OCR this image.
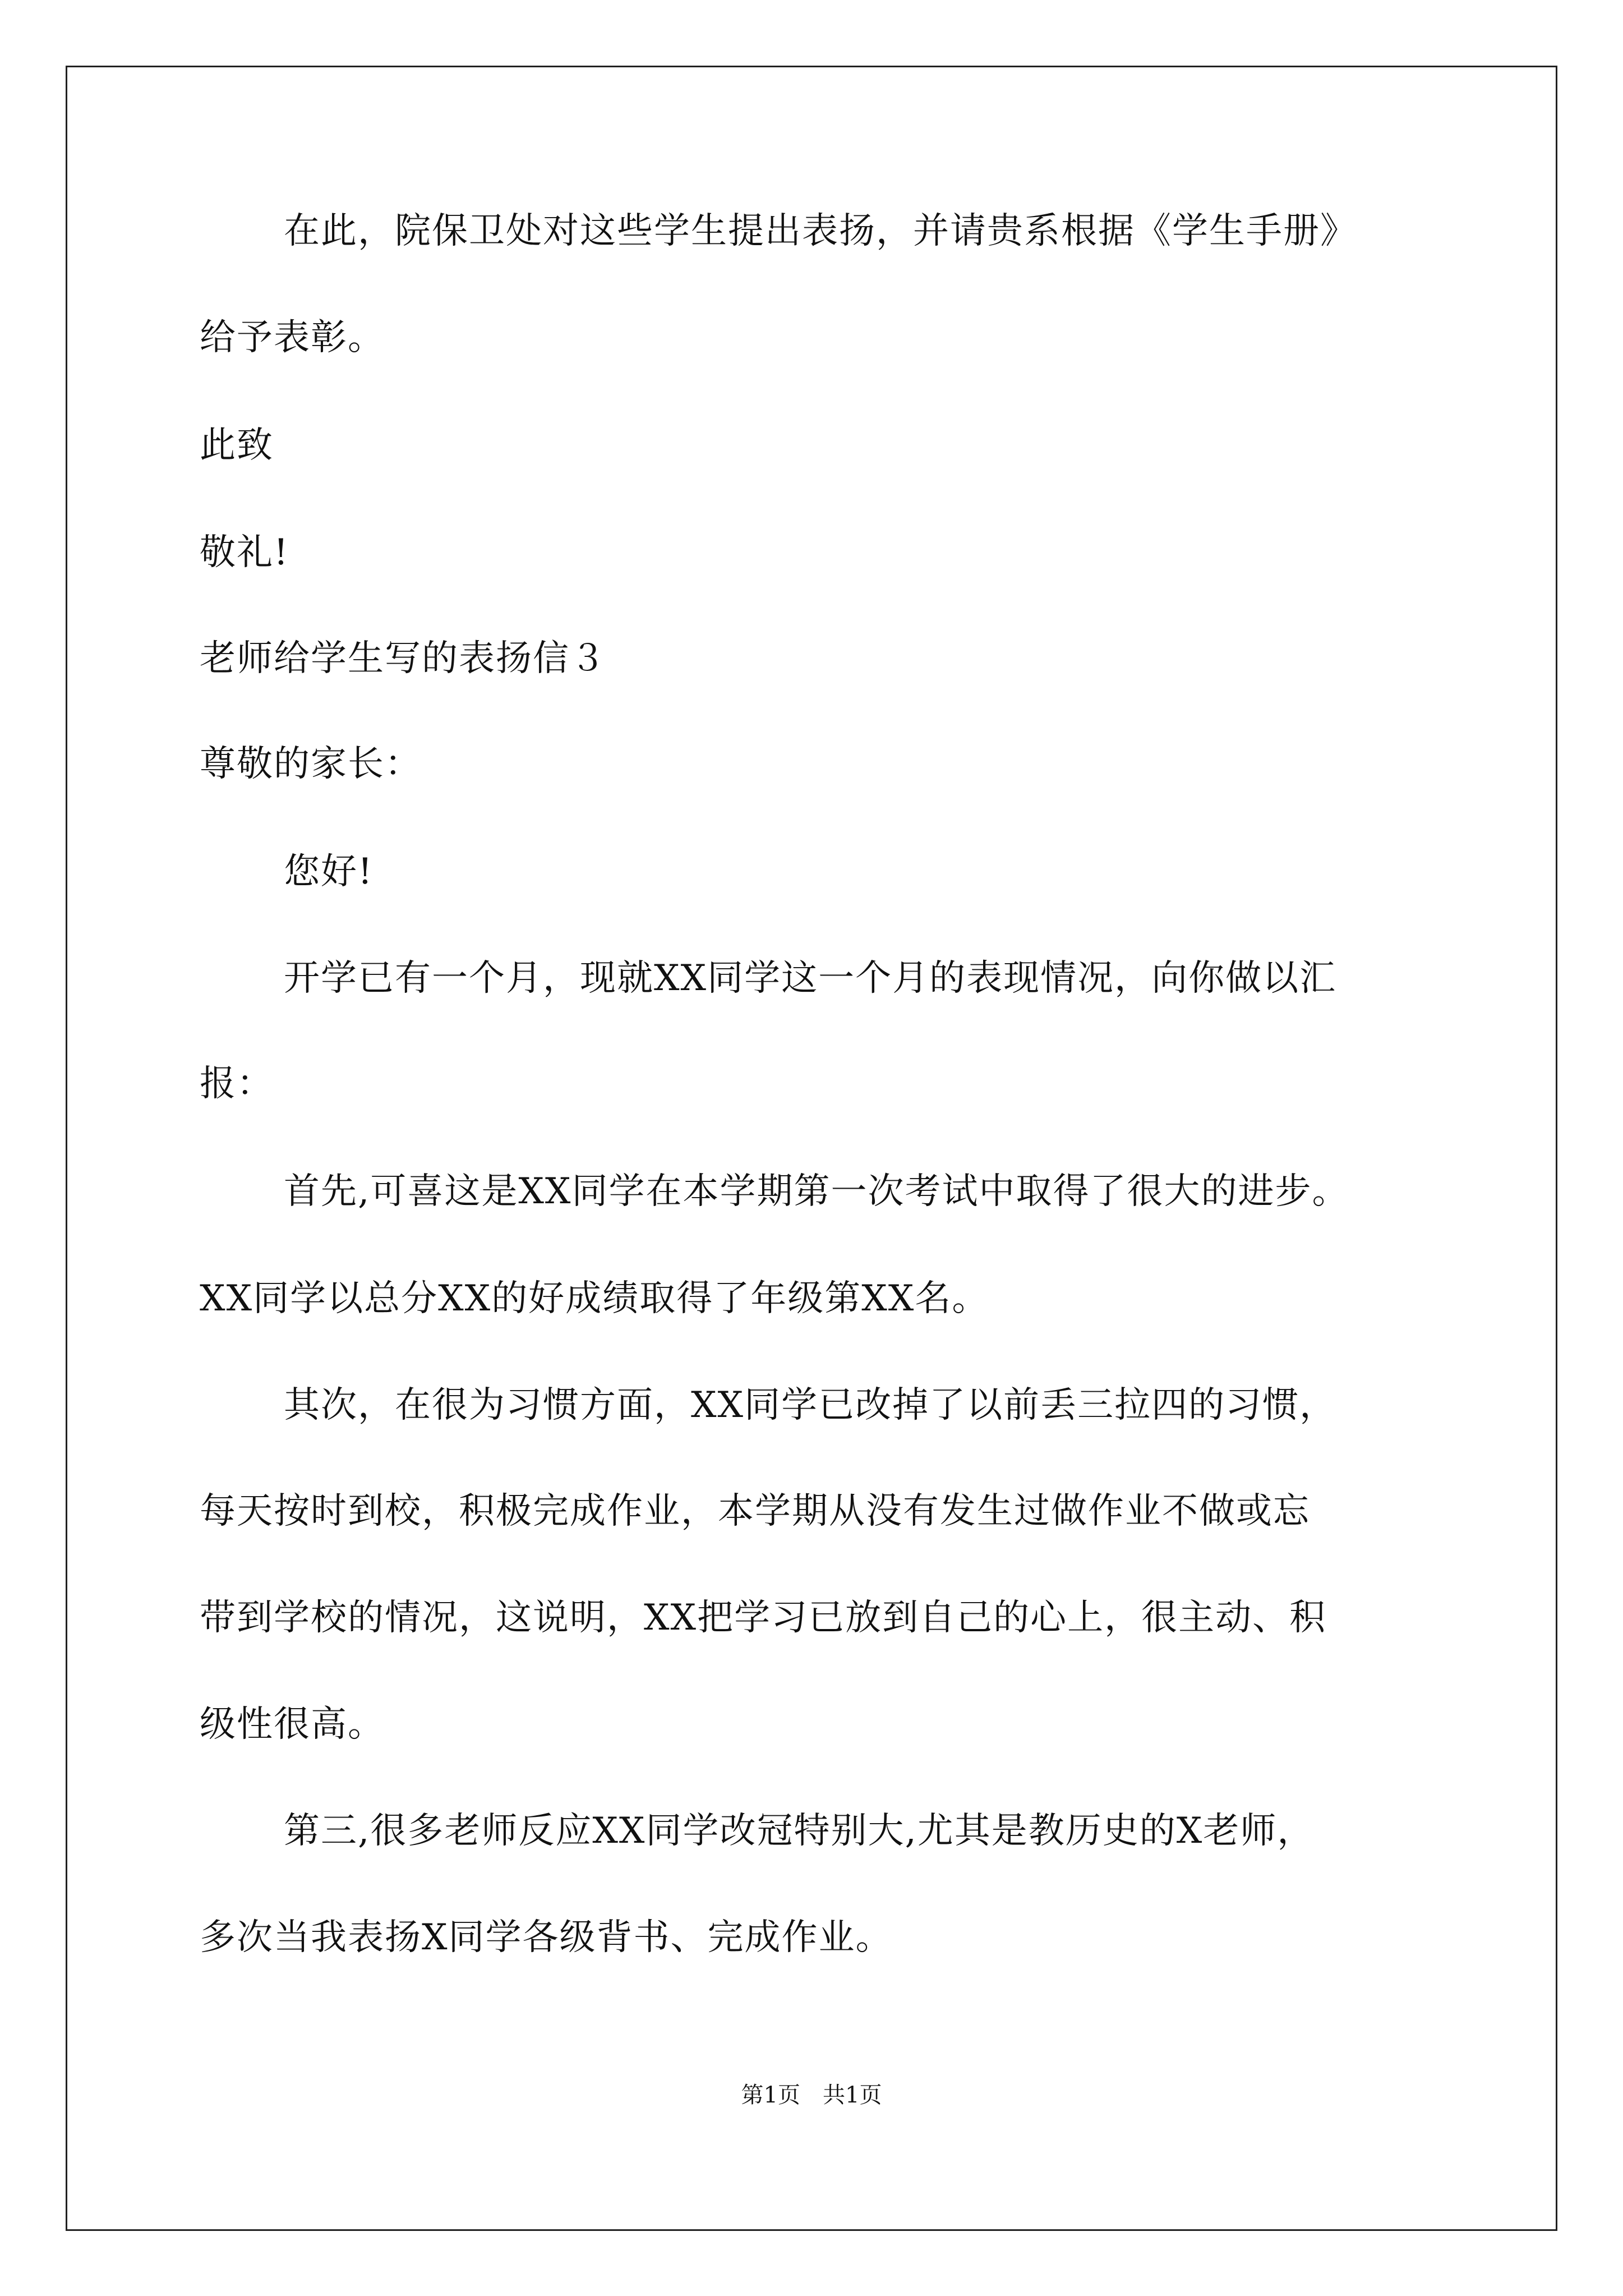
在此，院保卫处对这些学生提出表扬，并请贵系根据《学生手册》
给予表彰。
此致
敬礼!
老师给学生写的表扬信３
尊敬的家长：
您好!
开学已有一个月，现就XX同学这一个月的表现情况，向你做以汇
报：
首先,可喜这是XX同学在本学期第一次考试中取得了很大的进步。
XX同学以总分XX的好成绩取得了年级第XX名。
其次，在很为习惯方面，XX同学已改掉了以前丢三拉四的习惯，
每天按时到校，积极完成作业，本学期从没有发生过做作业不做或忘
带到学校的情况，这说明，XX把学习已放到自己的心上，很主动、积
级性很高。
第三,很多老师反应XX同学改冠特别大,尤其是教历史的X老师，
多次当我表扬X同学各级背书、完成作业。
第1页　共1页
